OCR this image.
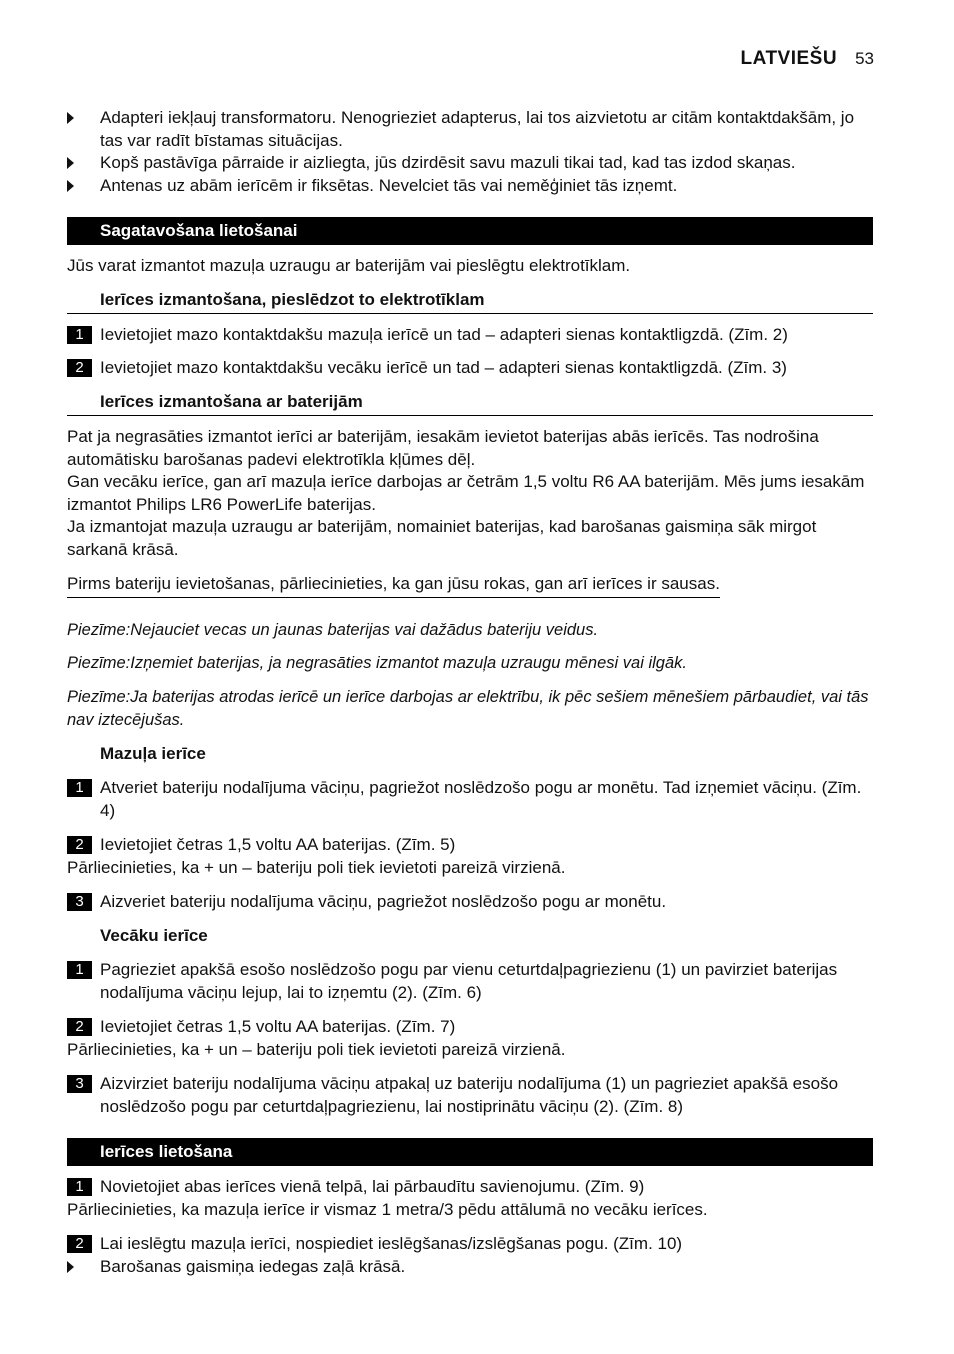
LATVIEŠU 53
Adapteri iekļauj transformatoru. Nenogrieziet adapterus, lai tos aizvietotu ar citām kontaktdakšām, jo tas var radīt bīstamas situācijas.
Kopš pastāvīga pārraide ir aizliegta, jūs dzirdēsit savu mazuli tikai tad, kad tas izdod skaņas.
Antenas uz abām ierīcēm ir fiksētas. Nevelciet tās vai neměģiniet tās izņemt.
Sagatavošana lietošanai
Jūs varat izmantot mazuļa uzraugu ar baterijām vai pieslēgtu elektrotīklam.
Ierīces izmantošana, pieslēdzot to elektrotīklam
1 Ievietojiet mazo kontaktdakšu mazuļa ierīcē un tad – adapteri sienas kontaktligzdā. (Zīm. 2)
2 Ievietojiet mazo kontaktdakšu vecāku ierīcē un tad – adapteri sienas kontaktligzdā. (Zīm. 3)
Ierīces izmantošana ar baterijām
Pat ja negrasāties izmantot ierīci ar baterijām, iesakām ievietot baterijas abās ierīcēs. Tas nodrošina automātisku barošanas padevi elektrotīkla kļūmes dēļ.
Gan vecāku ierīce, gan arī mazuļa ierīce darbojas ar četrām 1,5 voltu R6 AA baterijām. Mēs jums iesakām izmantot Philips LR6 PowerLife baterijas.
Ja izmantojat mazuļa uzraugu ar baterijām, nomainiet baterijas, kad barošanas gaismiņa sāk mirgot sarkanā krāsā.
Pirms bateriju ievietošanas, pārliecinieties, ka gan jūsu rokas, gan arī ierīces ir sausas.
Piezīme:Nejauciet vecas un jaunas baterijas vai dažādus bateriju veidus.
Piezīme:Izņemiet baterijas, ja negrasāties izmantot mazuļa uzraugu mēnesi vai ilgāk.
Piezīme:Ja baterijas atrodas ierīcē un ierīce darbojas ar elektrību, ik pēc sešiem mēnešiem pārbaudiet, vai tās nav iztecējušas.
Mazuļa ierīce
1 Atveriet bateriju nodalījuma vāciņu, pagriežot noslēdzošo pogu ar monētu. Tad izņemiet vāciņu. (Zīm. 4)
2 Ievietojiet četras 1,5 voltu AA baterijas. (Zīm. 5)
Pārliecinieties, ka + un – bateriju poli tiek ievietoti pareizā virzienā.
3 Aizveriet bateriju nodalījuma vāciņu, pagriežot noslēdzošo pogu ar monētu.
Vecāku ierīce
1 Pagrieziet apakšā esošo noslēdzošo pogu par vienu ceturtdaļpagriezienu (1) un pavirziet baterijas nodalījuma vāciņu lejup, lai to izņemtu (2). (Zīm. 6)
2 Ievietojiet četras 1,5 voltu AA baterijas. (Zīm. 7)
Pārliecinieties, ka + un – bateriju poli tiek ievietoti pareizā virzienā.
3 Aizvirziet bateriju nodalījuma vāciņu atpakaļ uz bateriju nodalījuma (1) un pagrieziet apakšā esošo noslēdzošo pogu par ceturtdaļpagriezienu, lai nostiprinātu vāciņu (2). (Zīm. 8)
Ierīces lietošana
1 Novietojiet abas ierīces vienā telpā, lai pārbaudītu savienojumu. (Zīm. 9)
Pārliecinieties, ka mazuļa ierīce ir vismaz 1 metra/3 pēdu attālumā no vecāku ierīces.
2 Lai ieslēgtu mazuļa ierīci, nospiediet ieslēgšanas/izslēgšanas pogu. (Zīm. 10)
Barošanas gaismiņa iedegas zaļā krāsā.
